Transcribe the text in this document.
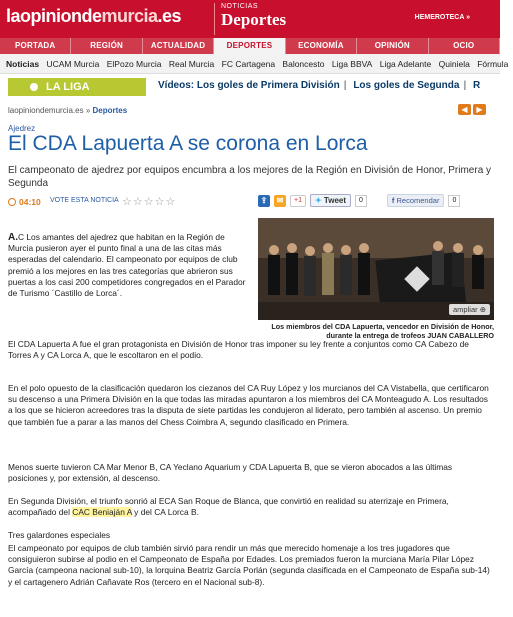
laopiniondemurcia.es	NOTICIAS
Deportes	HEMEROTECA »
PORTADA	REGIÓN	ACTUALIDAD	DEPORTES	ECONOMÍA	OPINIÓN	OCIO
Noticias UCAM Murcia ElPozo Murcia Real Murcia FC Cartagena Baloncesto Liga BBVA Liga Adelante Quiniela Fórmula
LA LIGA	Vídeos: Los goles de Primera División | Los goles de Segunda | R
laopiniondemurcia.es » Deportes	◀	▶
Ajedrez
El CDA Lapuerta A se corona en Lorca
El campeonato de ajedrez por equipos encumbra a los mejores de la Región en División de Honor, Primera y Segunda
04:10 VOTE ESTA NOTICIA ☆☆☆☆☆	⇪	✉	+1	✦ Tweet	0	f Recomendar	0
ampliar ⊕
Los miembros del CDA Lapuerta, vencedor en División de Honor, durante la entrega de trofeos JUAN CABALLERO
A.C Los amantes del ajedrez que habitan en la Región de Murcia pusieron ayer el punto final a una de las citas más esperadas del calendario. El campeonato por equipos de club premió a los mejores en las tres categorías que abrieron sus puertas a los casi 200 competidores congregados en el Parador de Turismo ´Castillo de Lorca´.
El CDA Lapuerta A fue el gran protagonista en División de Honor tras imponer su ley frente a conjuntos como CA Cabezo de Torres A y CA Lorca A, que le escoltaron en el podio.
En el polo opuesto de la clasificación quedaron los ciezanos del CA Ruy López y los murcianos del CA Vistabella, que certificaron su descenso a una Primera División en la que todas las miradas apuntaron a los miembros del CA Monteagudo A. Los resultados a los que se hicieron acreedores tras la disputa de siete partidas les condujeron al liderato, pero también al ascenso. Un premio que también fue a parar a las manos del Chess Coimbra A, segundo clasificado en Primera.
Menos suerte tuvieron CA Mar Menor B, CA Yeclano Aquarium y CDA Lapuerta B, que se vieron abocados a las últimas posiciones y, por extensión, al descenso.
En Segunda División, el triunfo sonrió al ECA San Roque de Blanca, que convirtió en realidad su aterrizaje en Primera, acompañado del CAC Beniaján A y del CA Lorca B.
Tres galardones especiales
El campeonato por equipos de club también sirvió para rendir un más que merecido homenaje a los tres jugadores que consiguieron subirse al podio en el Campeonato de España por Edades. Los premiados fueron la murciana María Pilar López García (campeona nacional sub-10), la lorquina Beatriz García Porlán (segunda clasificada en el Campeonato de España sub-14) y el cartagenero Adrián Cañavate Ros (tercero en el Nacional sub-8).
